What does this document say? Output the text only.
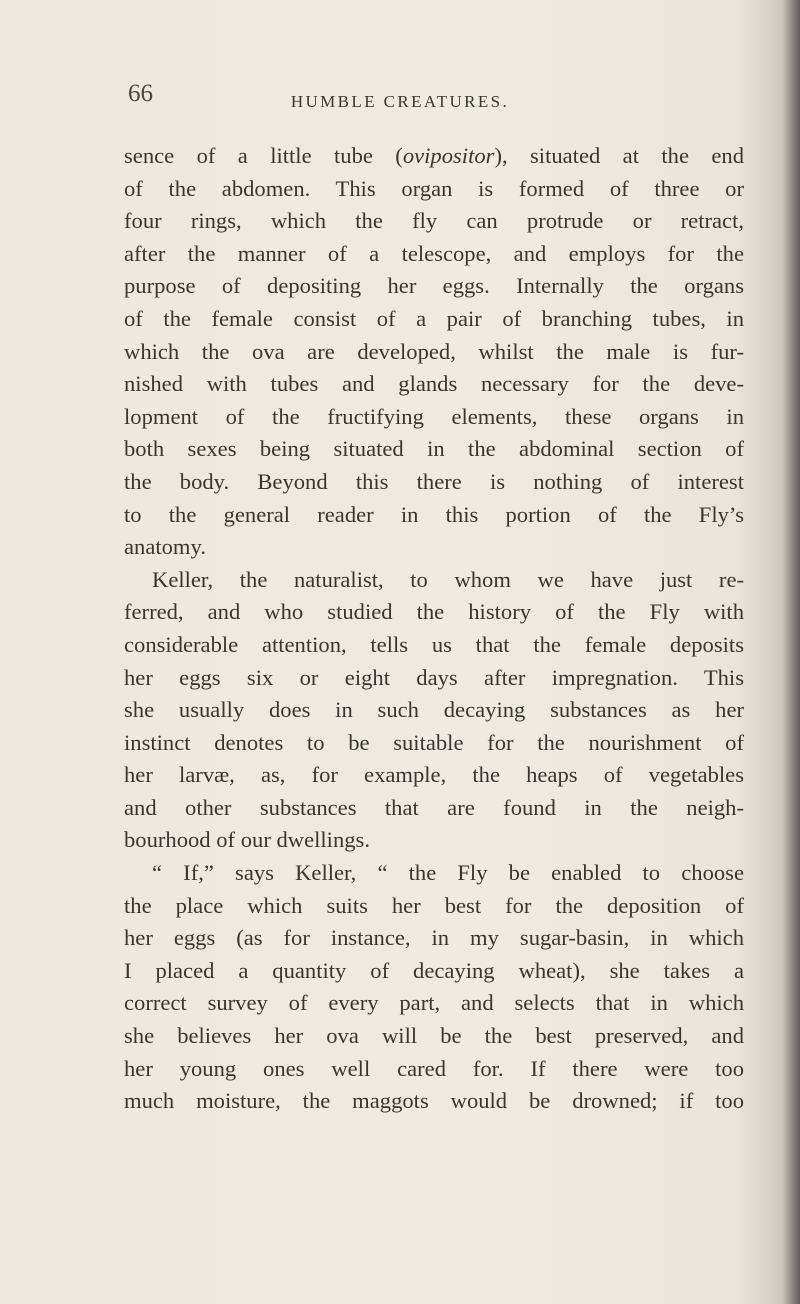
66	HUMBLE CREATURES.
sence of a little tube (ovipositor), situated at the end
of the abdomen. This organ is formed of three or
four rings, which the fly can protrude or retract,
after the manner of a telescope, and employs for the
purpose of depositing her eggs. Internally the organs
of the female consist of a pair of branching tubes, in
which the ova are developed, whilst the male is fur-
nished with tubes and glands necessary for the deve-
lopment of the fructifying elements, these organs in
both sexes being situated in the abdominal section of
the body. Beyond this there is nothing of interest
to the general reader in this portion of the Fly’s
anatomy.
Keller, the naturalist, to whom we have just re-
ferred, and who studied the history of the Fly with
considerable attention, tells us that the female deposits
her eggs six or eight days after impregnation. This
she usually does in such decaying substances as her
instinct denotes to be suitable for the nourishment of
her larvæ, as, for example, the heaps of vegetables
and other substances that are found in the neigh-
bourhood of our dwellings.
“ If,” says Keller, “ the Fly be enabled to choose
the place which suits her best for the deposition of
her eggs (as for instance, in my sugar-basin, in which
I placed a quantity of decaying wheat), she takes a
correct survey of every part, and selects that in which
she believes her ova will be the best preserved, and
her young ones well cared for. If there were too
much moisture, the maggots would be drowned; if too
